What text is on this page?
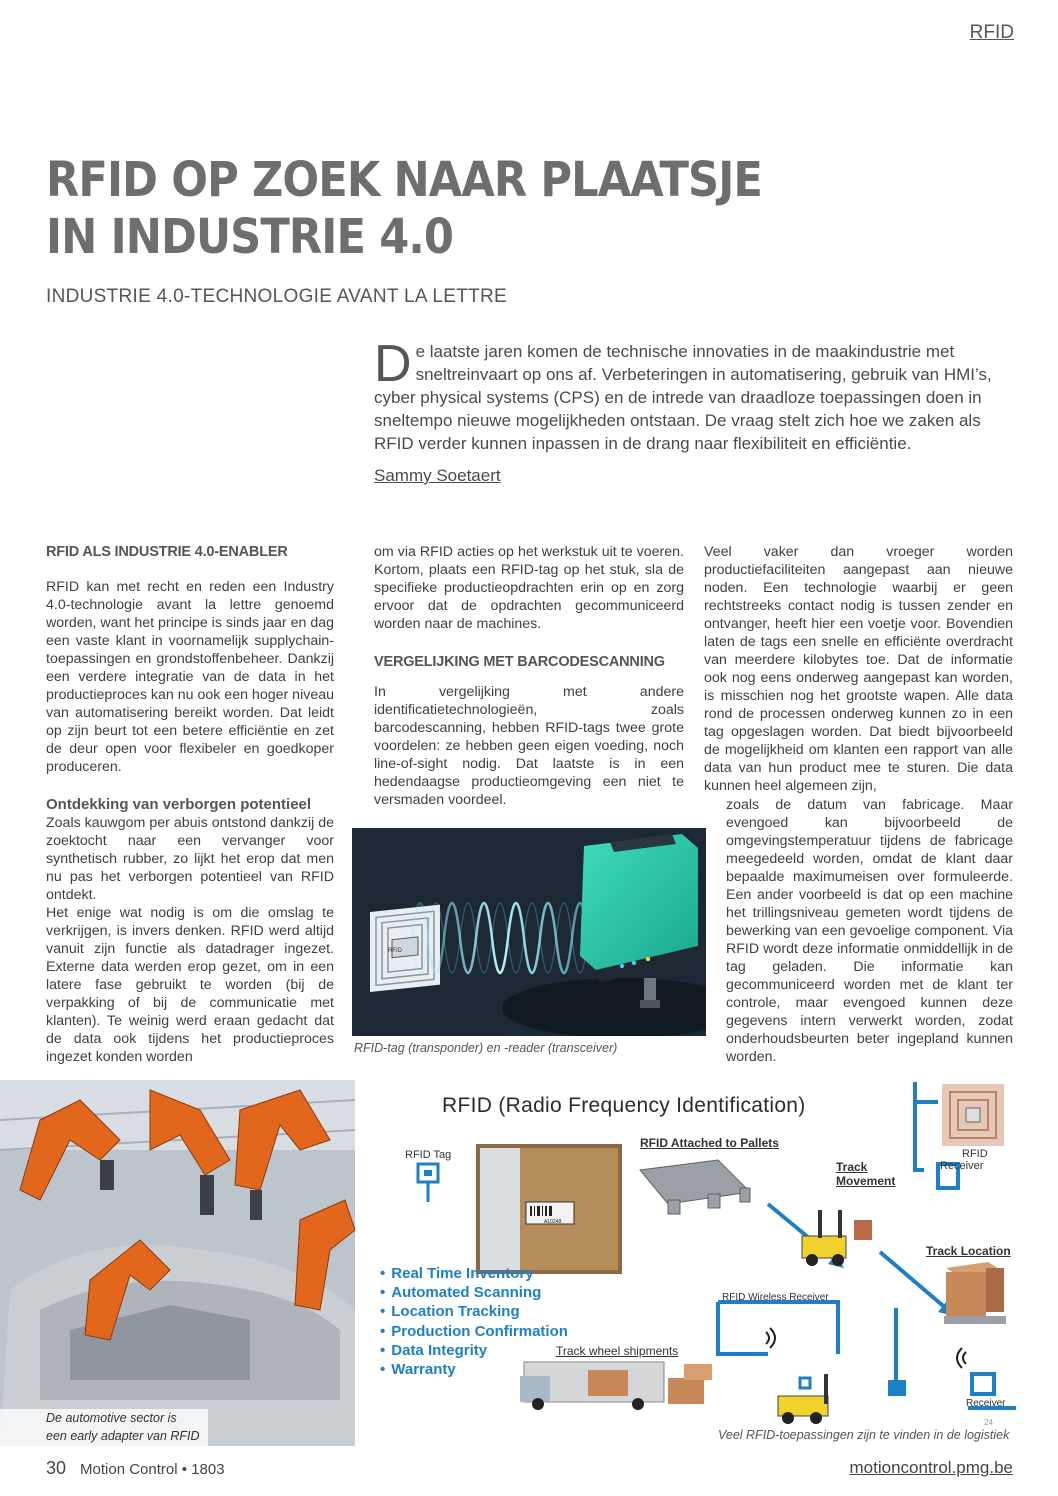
RFID
RFID OP ZOEK NAAR PLAATSJE
IN INDUSTRIE 4.0
INDUSTRIE 4.0-TECHNOLOGIE AVANT LA LETTRE

De laatste jaren komen de technische innovaties in de maakindustrie met sneltreinvaart op ons af. Verbeteringen in automatisering, gebruik van HMI’s, cyber physical systems (CPS) en de intrede van draadloze toepassingen doen in sneltempo nieuwe mogelijkheden ontstaan. De vraag stelt zich hoe we zaken als RFID verder kunnen inpassen in de drang naar flexibiliteit en efficiëntie.

Sammy Soetaert
RFID ALS INDUSTRIE 4.0-ENABLER

RFID kan met recht en reden een Industry 4.0-technologie avant la lettre genoemd worden, want het principe is sinds jaar en dag een vaste klant in voornamelijk supplychain-toepassingen en grondstoffenbeheer. Dankzij een verdere integratie van de data in het productieproces kan nu ook een hoger niveau van automatisering bereikt worden. Dat leidt op zijn beurt tot een betere efficiëntie en zet de deur open voor flexibeler en goedkoper produceren.

Ontdekking van verborgen potentieel

Zoals kauwgom per abuis ontstond dankzij de zoektocht naar een vervanger voor synthetisch rubber, zo lijkt het erop dat men nu pas het verborgen potentieel van RFID ontdekt.

Het enige wat nodig is om die omslag te verkrijgen, is invers denken. RFID werd altijd vanuit zijn functie als datadrager ingezet. Externe data werden erop gezet, om in een latere fase gebruikt te worden (bij de verpakking of bij de communicatie met klanten). Te weinig werd eraan gedacht dat de data ook tijdens het productieproces ingezet konden worden

om via RFID acties op het werkstuk uit te voeren. Kortom, plaats een RFID-tag op het stuk, sla de specifieke productieopdrachten erin op en zorg ervoor dat de opdrachten gecommuniceerd worden naar de machines.

VERGELIJKING MET BARCODESCANNING

In vergelijking met andere identificatietechnologieën, zoals barcodescanning, hebben RFID-tags twee grote voordelen: ze hebben geen eigen voeding, noch line-of-sight nodig. Dat laatste is in een hedendaagse productieomgeving een niet te versmaden voordeel.

Veel vaker dan vroeger worden productiefaciliteiten aangepast aan nieuwe noden. Een technologie waarbij er geen rechtstreeks contact nodig is tussen zender en ontvanger, heeft hier een voetje voor. Bovendien laten de tags een snelle en efficiënte overdracht van meerdere kilobytes toe. Dat de informatie ook nog eens onderweg aangepast kan worden, is misschien nog het grootste wapen. Alle data rond de processen onderweg kunnen zo in een tag opgeslagen worden. Dat biedt bijvoorbeeld de mogelijkheid om klanten een rapport van alle data van hun product mee te sturen. Die data kunnen heel algemeen zijn,

zoals de datum van fabricage. Maar evengoed kan bijvoorbeeld de omgevingstemperatuur tijdens de fabricage meegedeeld worden, omdat de klant daar bepaalde maximumeisen over formuleerde. Een ander voorbeeld is dat op een machine het trillingsniveau gemeten wordt tijdens de bewerking van een gevoelige component. Via RFID wordt deze informatie onmiddellijk in de tag geladen. Die informatie kan gecommuniceerd worden met de klant ter controle, maar evengoed kunnen deze gegevens intern verwerkt worden, zodat onderhoudsbeurten beter ingepland kunnen worden.

RFID
RFID-tag (transponder) en -reader (transceiver)
De automotive sector is
een early adapter van RFID
A10248
RFID (Radio Frequency Identification)
RFID Tag
RFID Attached to Pallets
Track
Movement
RFID
Receiver
Track Location
RFID Wireless Receiver
Track wheel shipments
Receiver
24
• Real Time Inventory
• Automated Scanning
• Location Tracking
• Production Confirmation
• Data Integrity
• Warranty
Veel RFID-toepassingen zijn te vinden in de logistiek
30 Motion Control • 1803	motioncontrol.pmg.be
